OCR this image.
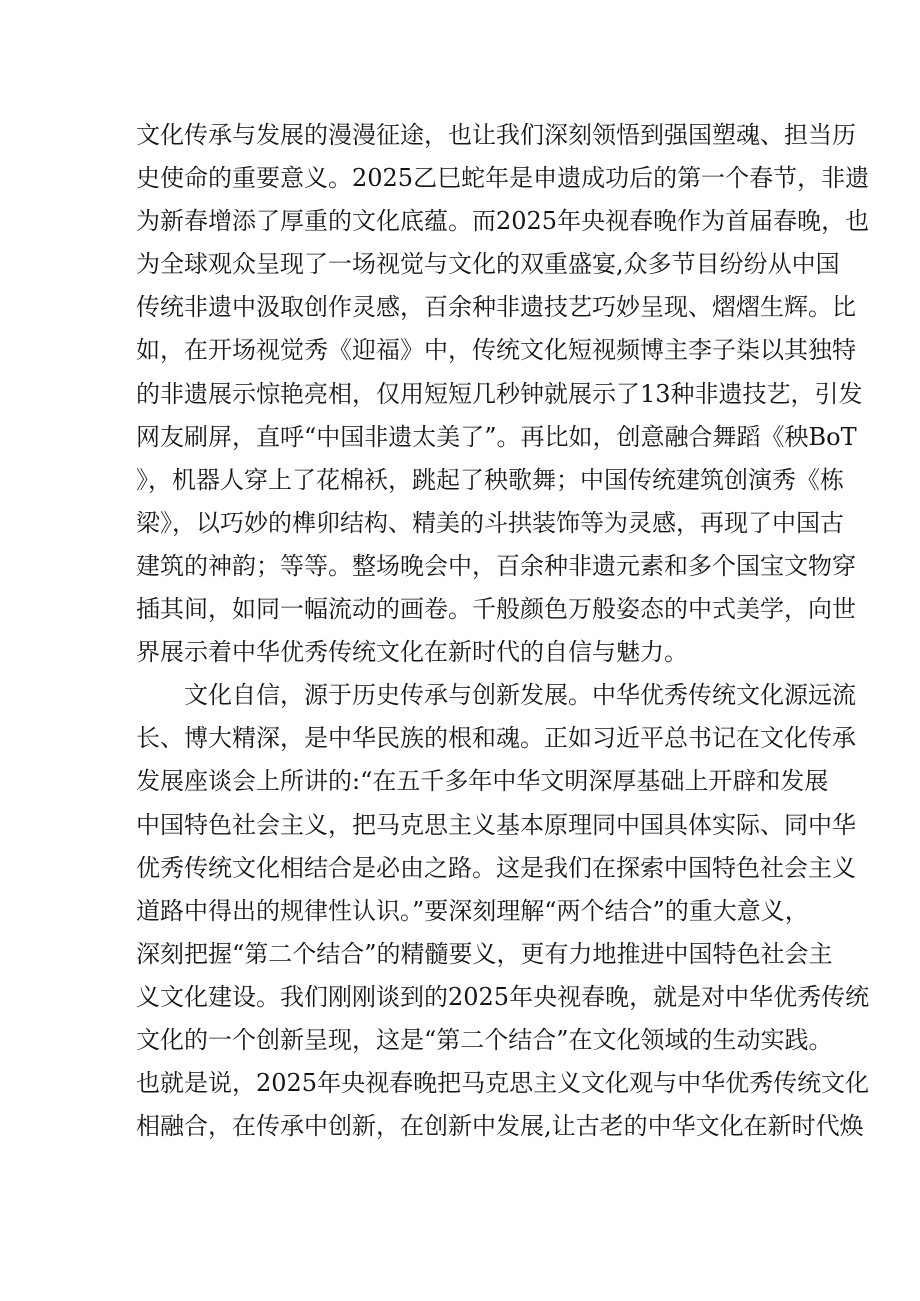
文化传承与发展的漫漫征途，也让我们深刻领悟到强国塑魂、担当历
史使命的重要意义。2025乙巳蛇年是申遗成功后的第一个春节，非遗
为新春增添了厚重的文化底蕴。而2025年央视春晚作为首届春晚，也
为全球观众呈现了一场视觉与文化的双重盛宴,众多节目纷纷从中国
传统非遗中汲取创作灵感，百余种非遗技艺巧妙呈现、熠熠生辉。比
如，在开场视觉秀《迎福》中，传统文化短视频博主李子柒以其独特
的非遗展示惊艳亮相，仅用短短几秒钟就展示了13种非遗技艺，引发
网友刷屏，直呼“中国非遗太美了”。再比如，创意融合舞蹈《秧BoT
》，机器人穿上了花棉袄，跳起了秧歌舞；中国传统建筑创演秀《栋
梁》，以巧妙的榫卯结构、精美的斗拱装饰等为灵感，再现了中国古
建筑的神韵；等等。整场晚会中，百余种非遗元素和多个国宝文物穿
插其间，如同一幅流动的画卷。千般颜色万般姿态的中式美学，向世
界展示着中华优秀传统文化在新时代的自信与魅力。
文化自信，源于历史传承与创新发展。中华优秀传统文化源远流
长、博大精深，是中华民族的根和魂。正如习近平总书记在文化传承
发展座谈会上所讲的:“在五千多年中华文明深厚基础上开辟和发展
中国特色社会主义，把马克思主义基本原理同中国具体实际、同中华
优秀传统文化相结合是必由之路。这是我们在探索中国特色社会主义
道路中得出的规律性认识。”要深刻理解“两个结合”的重大意义，
深刻把握“第二个结合”的精髓要义，更有力地推进中国特色社会主
义文化建设。我们刚刚谈到的2025年央视春晚，就是对中华优秀传统
文化的一个创新呈现，这是“第二个结合”在文化领域的生动实践。
也就是说，2025年央视春晚把马克思主义文化观与中华优秀传统文化
相融合，在传承中创新，在创新中发展,让古老的中华文化在新时代焕
